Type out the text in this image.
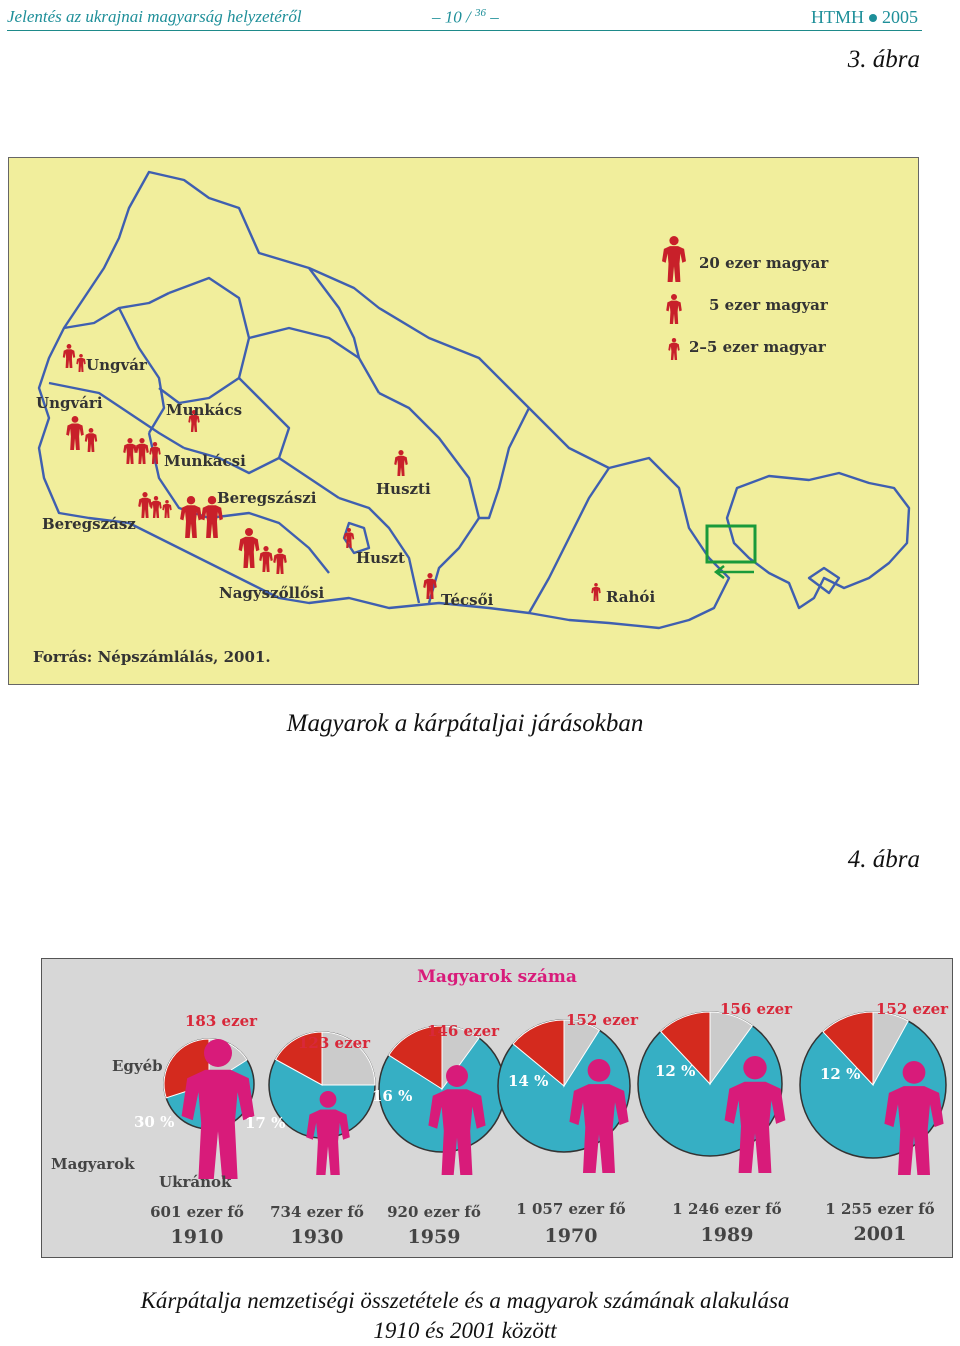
Jelentés az ukrajnai magyarság helyzetéről	– 10 / $^{36}$ –	HTMH 2005
3. ábra
20 ezer magyar
5 ezer magyar
2–5 ezer magyar
Ungvár
Ungvári	Munkács
Munkácsi
Beregszászi
Beregszász
Huszti
Huszt
Nagyszőllősi	Técsői	Rahói
Forrás: Népszámlálás, 2001.
Magyarok a kárpátaljai járásokban
4. ábra
Magyarok száma
Egyéb
Magyarok
Ukránok
30 %
183 ezer
601 ezer fő
1910
17 %
123 ezer
734 ezer fő
1930
16 %
146 ezer
920 ezer fő
1959
14 %
152 ezer
1 057 ezer fő
1970
12 %
156 ezer
1 246 ezer fő
1989
12 %
152 ezer
1 255 ezer fő
2001
Kárpátalja nemzetiségi összetétele és a magyarok számának alakulása
1910 és 2001 között
